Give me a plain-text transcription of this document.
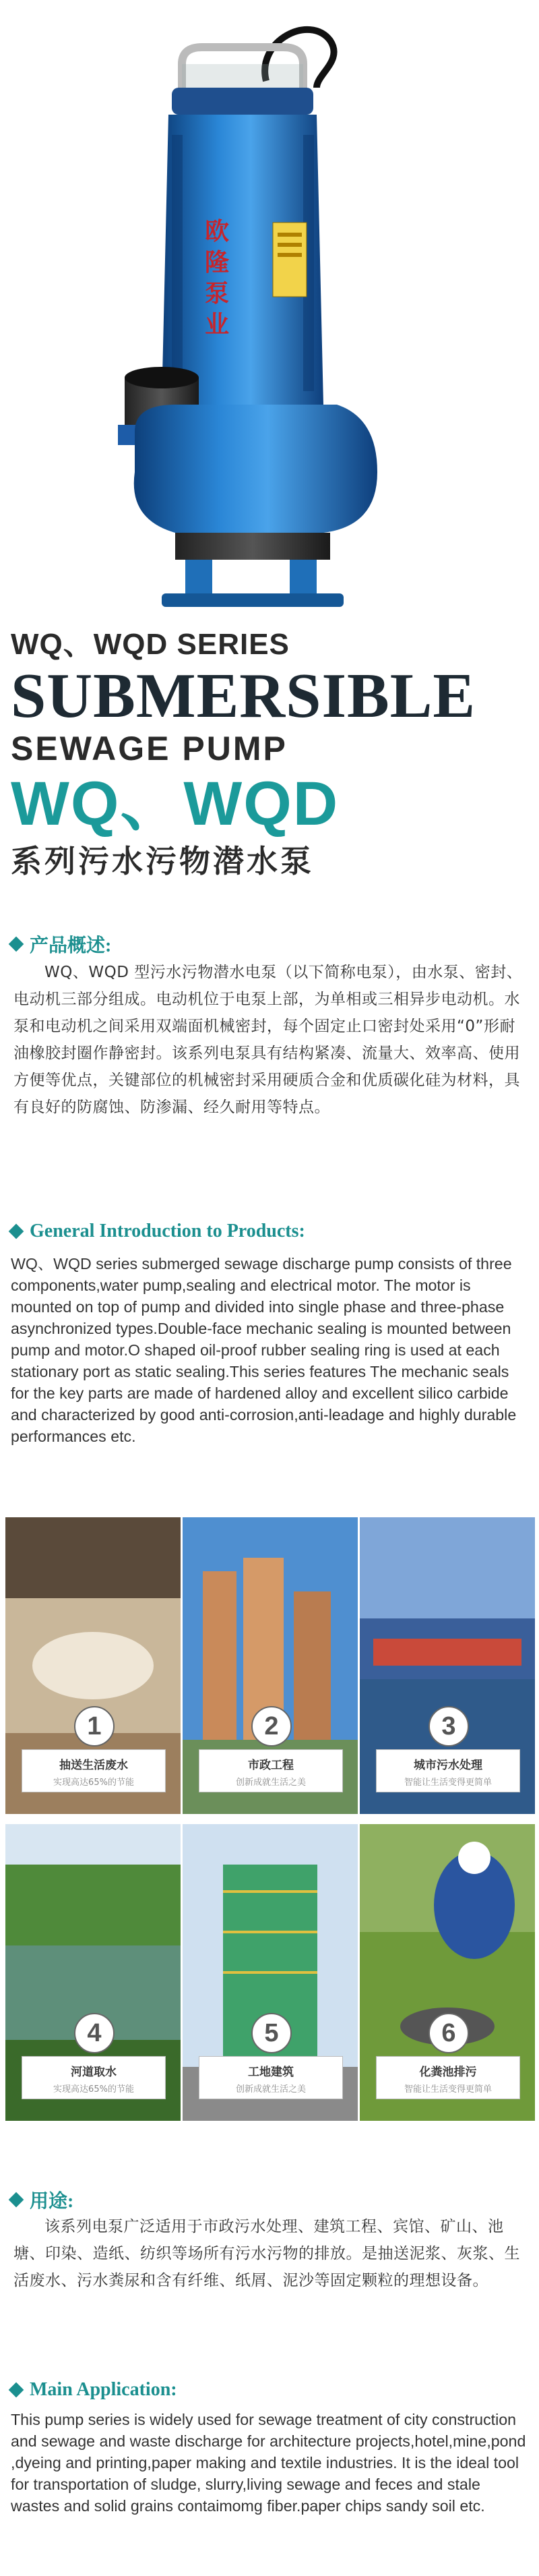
欧
隆
泵
业
WQ、WQD SERIES
SUBMERSIBLE
SEWAGE PUMP
WQ、WQD
系列污水污物潜水泵
产品概述:
WQ、WQD 型污水污物潜水电泵（以下简称电泵），由水泵、密封、电动机三部分组成。电动机位于电泵上部，为单相或三相异步电动机。水泵和电动机之间采用双端面机械密封，每个固定止口密封处采用“0”形耐油橡胶封圈作静密封。该系列电泵具有结构紧凑、流量大、效率高、使用方便等优点，关键部位的机械密封采用硬质合金和优质碳化硅为材料，具有良好的防腐蚀、防渗漏、经久耐用等特点。
General Introduction to Products:
WQ、WQD series submerged sewage discharge pump consists of three components,water pump,sealing and electrical motor. The motor is mounted on top of pump and divided into single phase and three-phase asynchronized types.Double-face mechanic sealing is mounted between pump and motor.O shaped oil-proof rubber sealing ring is used at each stationary port as static sealing.This series features The mechanic seals for the key parts are made of hardened alloy and excellent silico carbide and characterized by good anti-corrosion,anti-leadage and highly durable performances etc.
1
抽送生活废水
实现高达65%的节能
2
市政工程
创新成就生活之美
3
城市污水处理
智能让生活变得更简单
4
河道取水
实现高达65%的节能
5
工地建筑
创新成就生活之美
6
化粪池排污
智能让生活变得更简单
用途:
该系列电泵广泛适用于市政污水处理、建筑工程、宾馆、矿山、池塘、印染、造纸、纺织等场所有污水污物的排放。是抽送泥浆、灰浆、生活废水、污水粪尿和含有纤维、纸屑、泥沙等固定颗粒的理想设备。
Main Application:
This pump series is widely used for sewage treatment of city construction and sewage and waste discharge for architecture projects,hotel,mine,pond ,dyeing and printing,paper making and textile industries. It is the ideal tool for transportation of sludge, slurry,living sewage and feces and stale wastes and solid grains contaimomg fiber.paper chips sandy soil etc.
